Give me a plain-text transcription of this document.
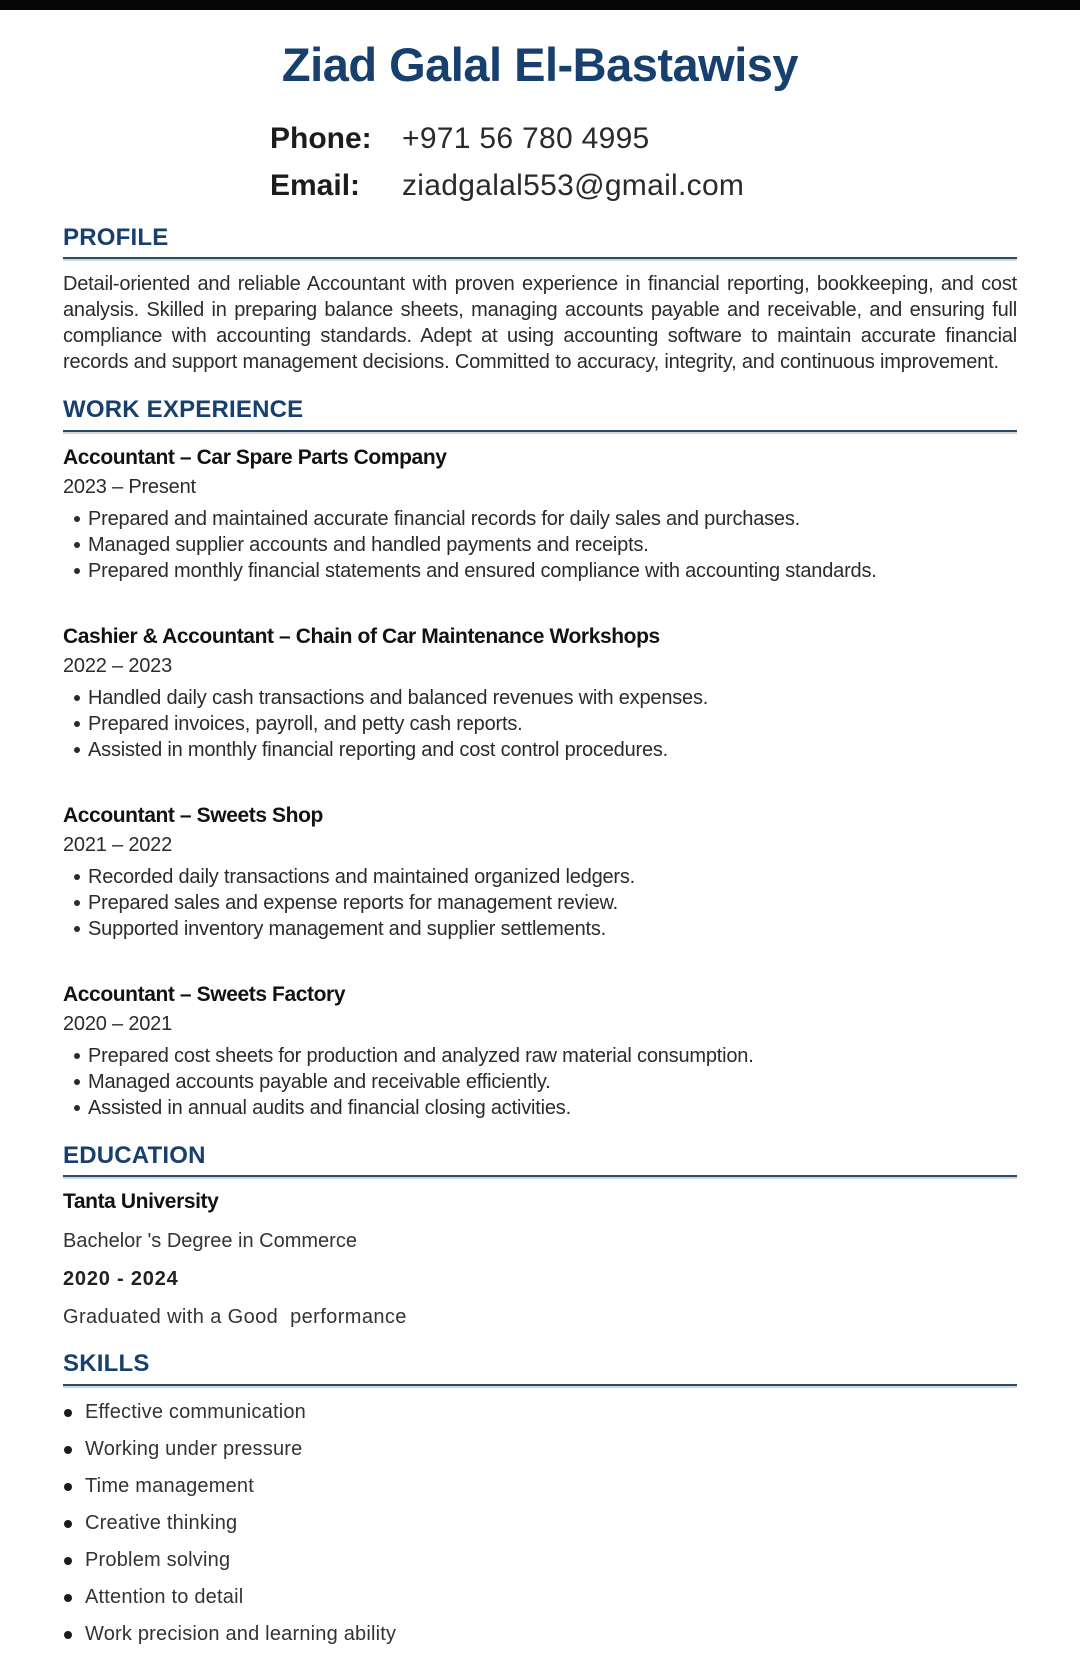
Ziad Galal El-Bastawisy
Phone:	+971 56 780 4995
Email:	ziadgalal553@gmail.com
PROFILE
Detail-oriented and reliable Accountant with proven experience in financial reporting, bookkeeping, and cost analysis. Skilled in preparing balance sheets, managing accounts payable and receivable, and ensuring full compliance with accounting standards. Adept at using accounting software to maintain accurate financial records and support management decisions. Committed to accuracy, integrity, and continuous improvement.
WORK EXPERIENCE
Accountant – Car Spare Parts Company
2023 – Present
Prepared and maintained accurate financial records for daily sales and purchases.
Managed supplier accounts and handled payments and receipts.
Prepared monthly financial statements and ensured compliance with accounting standards.
Cashier & Accountant – Chain of Car Maintenance Workshops
2022 – 2023
Handled daily cash transactions and balanced revenues with expenses.
Prepared invoices, payroll, and petty cash reports.
Assisted in monthly financial reporting and cost control procedures.
Accountant – Sweets Shop
2021 – 2022
Recorded daily transactions and maintained organized ledgers.
Prepared sales and expense reports for management review.
Supported inventory management and supplier settlements.
Accountant – Sweets Factory
2020 – 2021
Prepared cost sheets for production and analyzed raw material consumption.
Managed accounts payable and receivable efficiently.
Assisted in annual audits and financial closing activities.
EDUCATION
Tanta University
Bachelor 's Degree in Commerce
2020 - 2024
Graduated with a Good  performance
SKILLS
Effective communication
Working under pressure
Time management
Creative thinking
Problem solving
Attention to detail
Work precision and learning ability
